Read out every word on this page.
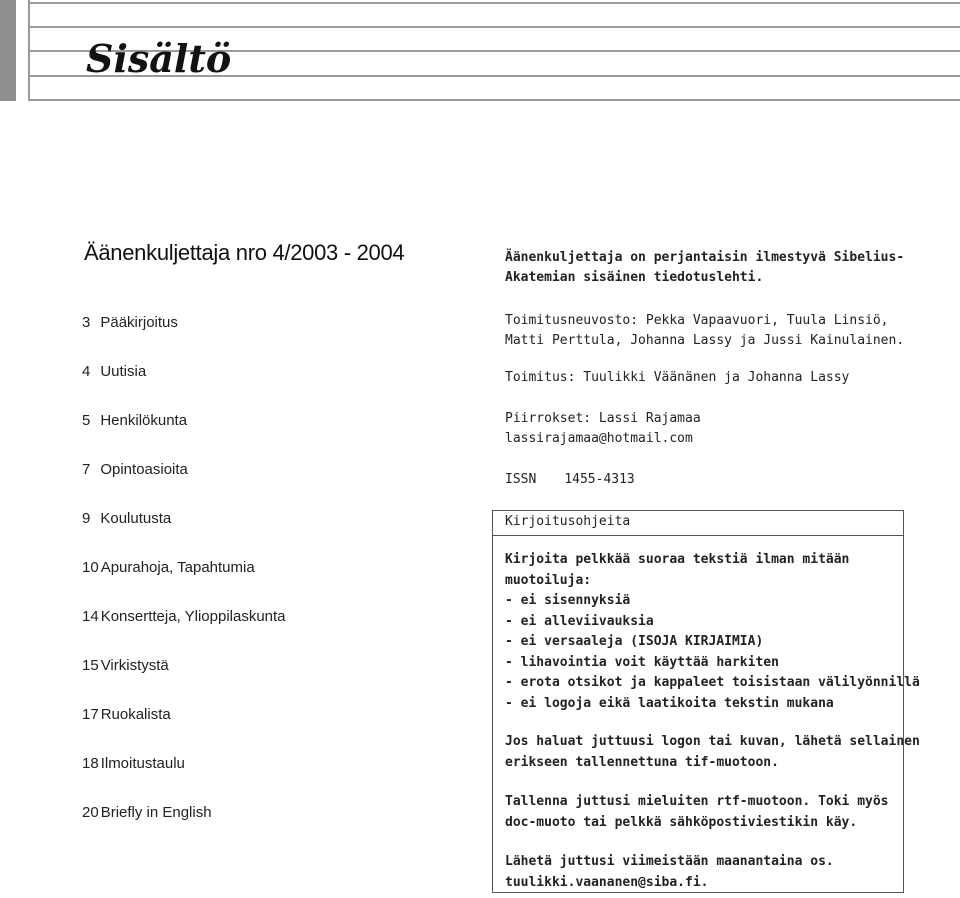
Sisältö
Äänenkuljettaja nro 4/2003 - 2004
3 Pääkirjoitus
4 Uutisia
5 Henkilökunta
7 Opintoasioita
9 Koulutusta
10 Apurahoja, Tapahtumia
14 Konsertteja, Ylioppilaskunta
15 Virkistystä
17 Ruokalista
18 Ilmoitustaulu
20 Briefly in English
Äänenkuljettaja on perjantaisin ilmestyvä Sibelius-
Akatemian sisäinen tiedotuslehti.
Toimitusneuvosto: Pekka Vapaavuori, Tuula Linsiö,
Matti Perttula, Johanna Lassy ja Jussi Kainulainen.
Toimitus: Tuulikki Väänänen ja Johanna Lassy
Piirrokset: Lassi Rajamaa
lassirajamaa@hotmail.com
ISSN 1455-4313
Kirjoitusohjeita
Kirjoita pelkkää suoraa tekstiä ilman mitään
muotoiluja:
- ei sisennyksiä
- ei alleviivauksia
- ei versaaleja (ISOJA KIRJAIMIA)
- lihavointia voit käyttää harkiten
- erota otsikot ja kappaleet toisistaan välilyönnillä
- ei logoja eikä laatikoita tekstin mukana
Jos haluat juttuusi logon tai kuvan, lähetä sellainen
erikseen tallennettuna tif-muotoon.
Tallenna juttusi mieluiten rtf-muotoon. Toki myös
doc-muoto tai pelkkä sähköpostiviestikin käy.
Lähetä juttusi viimeistään maanantaina os.
tuulikki.vaananen@siba.fi.
